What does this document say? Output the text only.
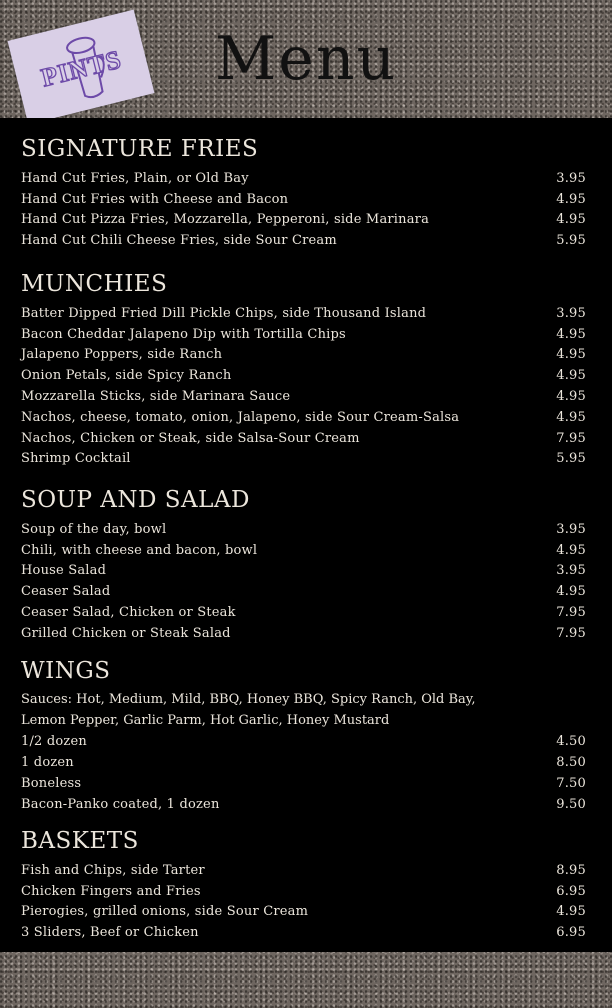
PINTS	Menu
SIGNATURE FRIES
Hand Cut Fries, Plain, or Old Bay	3.95
Hand Cut Fries with Cheese and Bacon	4.95
Hand Cut Pizza Fries, Mozzarella, Pepperoni, side Marinara	4.95
Hand Cut Chili Cheese Fries, side Sour Cream	5.95
MUNCHIES
Batter Dipped Fried Dill Pickle Chips, side Thousand Island	3.95
Bacon Cheddar Jalapeno Dip with Tortilla Chips	4.95
Jalapeno Poppers, side Ranch	4.95
Onion Petals, side Spicy Ranch	4.95
Mozzarella Sticks, side Marinara Sauce	4.95
Nachos, cheese, tomato, onion, Jalapeno, side Sour Cream-Salsa	4.95
Nachos, Chicken or Steak, side Salsa-Sour Cream	7.95
Shrimp Cocktail	5.95
SOUP AND SALAD
Soup of the day, bowl	3.95
Chili, with cheese and bacon, bowl	4.95
House Salad	3.95
Ceaser Salad	4.95
Ceaser Salad, Chicken or Steak	7.95
Grilled Chicken or Steak Salad	7.95
WINGS
Sauces: Hot, Medium, Mild, BBQ, Honey BBQ, Spicy Ranch, Old Bay,
Lemon Pepper, Garlic Parm, Hot Garlic, Honey Mustard
1/2 dozen	4.50
1 dozen	8.50
Boneless	7.50
Bacon-Panko coated, 1 dozen	9.50
BASKETS
Fish and Chips, side Tarter	8.95
Chicken Fingers and Fries	6.95
Pierogies, grilled onions, side Sour Cream	4.95
3 Sliders, Beef or Chicken	6.95
